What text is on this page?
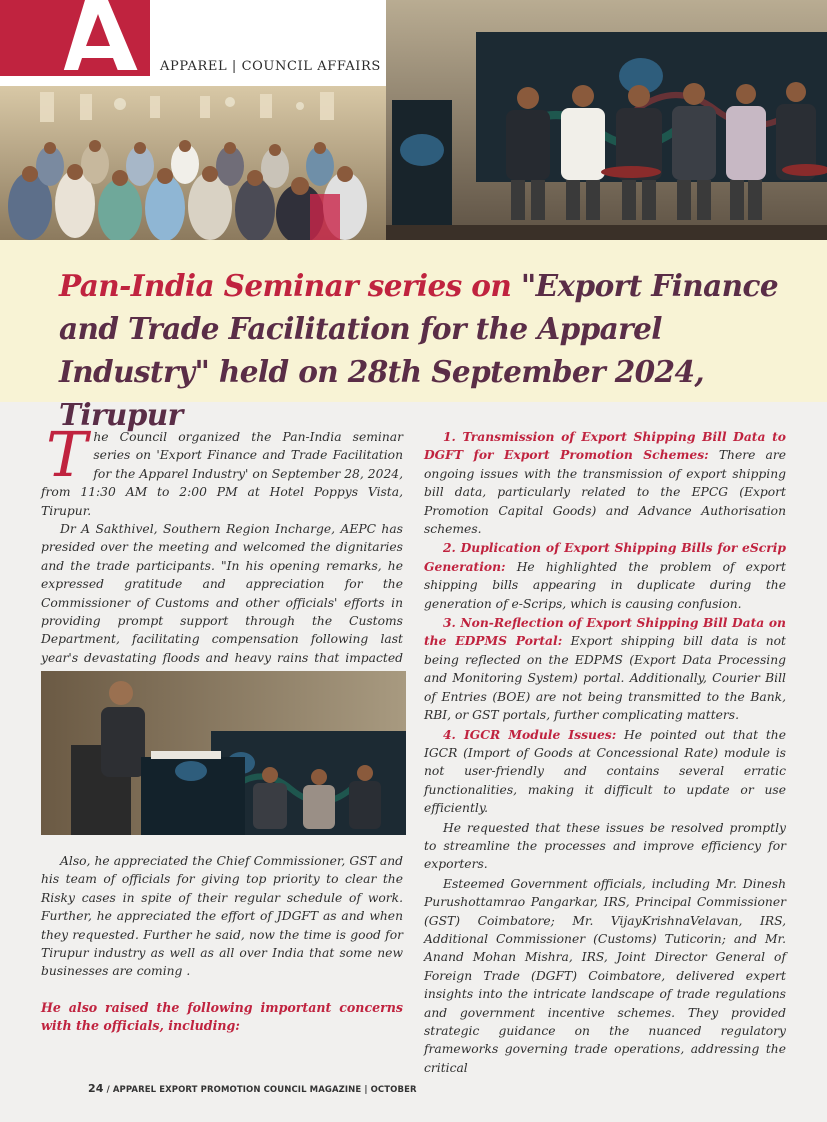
APPAREL | COUNCIL AFFAIRS
Pan-India Seminar series on "Export Finance and Trade Facilitation for the Apparel Industry" held on 28th September 2024, Tirupur

The Council organized the Pan-India seminar series on 'Export Finance and Trade Facilitation for the Apparel Industry' on September 28, 2024, from 11:30 AM to 2:00 PM at Hotel Poppys Vista, Tirupur.

Dr A Sakthivel, Southern Region Incharge, AEPC has presided over the meeting and welcomed the dignitaries and the trade participants. "In his opening remarks, he expressed gratitude and appreciation for the Commissioner of Customs and other officials' efforts in providing prompt support through the Customs Department, facilitating compensation following last year's devastating floods and heavy rains that impacted

Also, he appreciated the Chief Commissioner, GST and his team of officials for giving top priority to clear the Risky cases in spite of their regular schedule of work. Further, he appreciated the effort of JDGFT as and when they requested. Further he said, now the time is good for Tirupur industry as well as all over India that some new businesses are coming .

He also raised the following important concerns with the officials, including:

1. Transmission of Export Shipping Bill Data to DGFT for Export Promotion Schemes: There are ongoing issues with the transmission of export shipping bill data, particularly related to the EPCG (Export Promotion Capital Goods) and Advance Authorisation schemes.

2. Duplication of Export Shipping Bills for eScrip Generation: He highlighted the problem of export shipping bills appearing in duplicate during the generation of e-Scrips, which is causing confusion.

3. Non-Reflection of Export Shipping Bill Data on the EDPMS Portal: Export shipping bill data is not being reflected on the EDPMS (Export Data Processing and Monitoring System) portal. Additionally, Courier Bill of Entries (BOE) are not being transmitted to the Bank, RBI, or GST portals, further complicating matters.

4. IGCR Module Issues: He pointed out that the IGCR (Import of Goods at Concessional Rate) module is not user-friendly and contains several erratic functionalities, making it difficult to update or use efficiently.

He requested that these issues be resolved promptly to streamline the processes and improve efficiency for exporters.

Esteemed Government officials, including Mr. Dinesh Purushottamrao Pangarkar, IRS, Principal Commissioner (GST) Coimbatore; Mr. VijayKrishnaVelavan, IRS, Additional Commissioner (Customs) Tuticorin; and Mr. Anand Mohan Mishra, IRS, Joint Director General of Foreign Trade (DGFT) Coimbatore, delivered expert insights into the intricate landscape of trade regulations and government incentive schemes. They provided strategic guidance on the nuanced regulatory frameworks governing trade operations, addressing the critical

24 / APPAREL EXPORT PROMOTION COUNCIL MAGAZINE | OCTOBER
